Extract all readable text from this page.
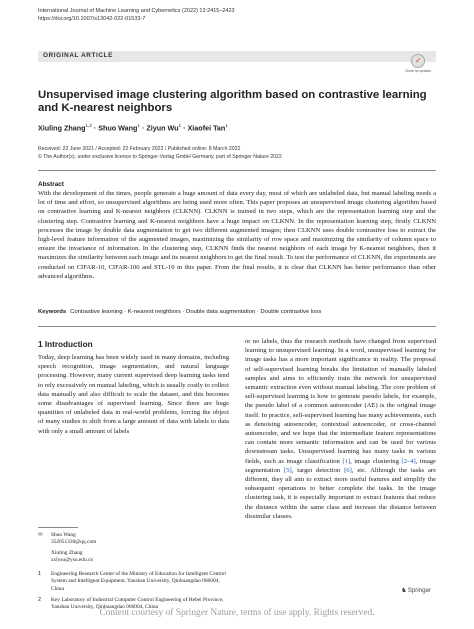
International Journal of Machine Learning and Cybernetics (2022) 13:2415–2423
https://doi.org/10.1007/s13042-022-01533-7
ORIGINAL ARTICLE
✓
Check for updates
Unsupervised image clustering algorithm based on contrastive learning and K-nearest neighbors
Xiuling Zhang$^{1,2}$ · Shuo Wang$^1$ · Ziyun $Wu^1$ · Xiaofei Tan$^1$
Received: 23 June 2021 / Accepted: 22 February 2022 / Published online: 8 March 2022
© The Author(s), under exclusive licence to Springer-Verlag GmbH Germany, part of Springer Nature 2022
Abstract
With the development of the times, people generate a huge amount of data every day, most of which are unlabeled data, but manual labeling needs a lot of time and effort, so unsupervised algorithms are being used more often. This paper proposes an unsupervised image clustering algorithm based on contrastive learning and K-nearest neighbors (CLKNN). CLKNN is trained in two steps, which are the representation learning step and the clustering step. Contrastive learning and K-nearest neighbors have a huge impact on CLKNN. In the representation learning step, firstly CLKNN processes the image by double data augmentation to get two different augmented images; then CLKNN uses double contrastive loss to extract the high-level feature information of the augmented images, maximizing the similarity of row space and maximizing the similarity of column space to ensure the invariance of information. In the clustering step, CLKNN finds the nearest neighbors of each image by K-nearest neighbors, then it maximizes the similarity between each image and its nearest neighbors to get the final result. To test the performance of CLKNN, the experiments are conducted on CIFAR-10, CIFAR-100 and STL-10 in this paper. From the final results, it is clear that CLKNN has better performance than other advanced algorithms.
Keywords Contrastive learning · K-nearest neighbors · Double data augmentation · Double contrastive loss
1 Introduction
Today, deep learning has been widely used in many domains, including speech recognition, image segmentation, and natural language processing. However, many current supervised deep learning tasks tend to rely excessively on manual labeling, which is usually costly to collect data manually and also difficult to scale the dataset, and this becomes some disadvantages of supervised learning. Since there are huge quantities of unlabeled data in real-world problems, forcing the object of many studies to shift from a large amount of data with labels to data with only a small amount of labels
or no labels, thus the research methods have changed from supervised learning to unsupervised learning. In a word, unsupervised learning for image tasks has a more important significance in reality. The proposal of self-supervised learning breaks the limitation of manually labeled samples and aims to efficiently train the network for unsupervised semantic extraction even without manual labeling. The core problem of self-supervised learning is how to generate pseudo labels, for example, the pseudo label of a common autoencoder (AE) is the original image itself. In practice, self-supervised learning has many achievements, such as denoising autoencoder, contextual autoencoder, or cross-channel autoencoder, and we hope that the intermediate feature representations can contain more semantic information and can be used for various downstream tasks. Unsupervised learning has many tasks in various fields, such as image classification [1], image clustering [2–4], image segmentation [5], target detection [6], etc. Although the tasks are different, they all aim to extract more useful features and simplify the subsequent operations to better complete the tasks. In the image clustering task, it is especially important to extract features that reduce the distance within the same class and increase the distance between dissimilar classes.
✉ Shuo Wang
352051330@qq.com
Xiuling Zhang
zxlysu@ysu.edu.cn
1 Engineering Research Center of the Ministry of Education for Intelligent Control System and Intelligent Equipment, Yanshan University, Qinhuangdao 066004, China
2 Key Laboratory of Industrial Computer Control Engineering of Hebei Province, Yanshan University, Qinhuangdao 066004, China
♞Springer
Content courtesy of Springer Nature, terms of use apply. Rights reserved.
